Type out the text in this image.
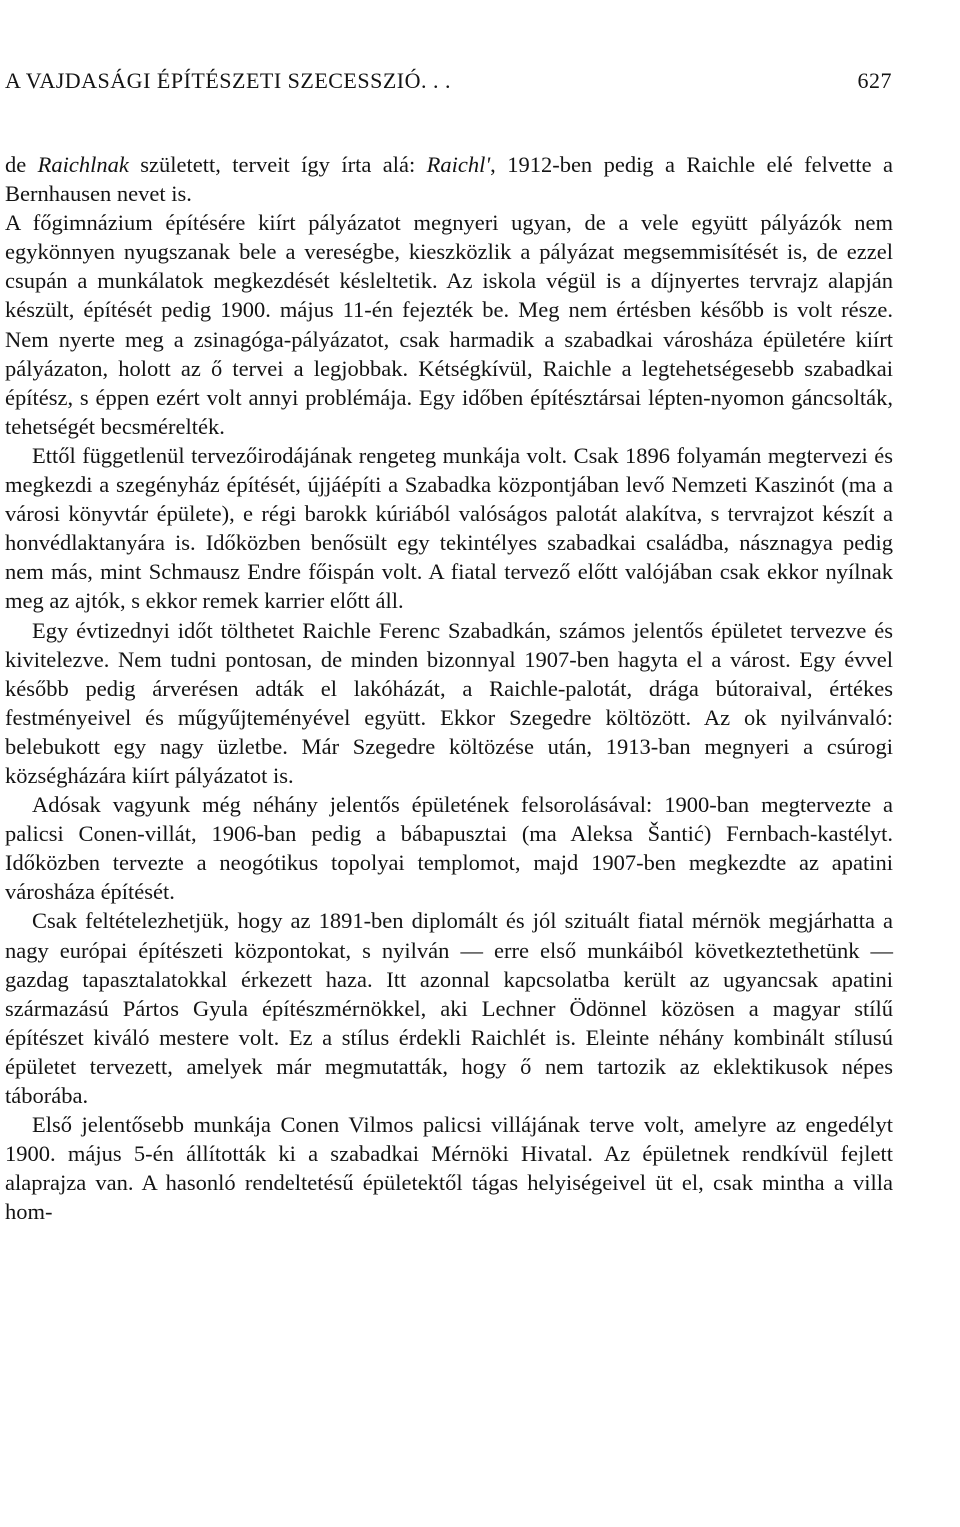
A VAJDASÁGI ÉPÍTÉSZETI SZECESSZIÓ. . .	627

de Raichlnak született, terveit így írta alá: Raichl', 1912-ben pedig a Raichle elé felvette a Bernhausen nevet is.

A főgimnázium építésére kiírt pályázatot megnyeri ugyan, de a vele együtt pályázók nem egykönnyen nyugszanak bele a vereségbe, kieszközlik a pályázat megsemmisítését is, de ezzel csupán a munkálatok megkezdését késleltetik. Az iskola végül is a díjnyertes tervrajz alapján készült, építését pedig 1900. május 11-én fejezték be. Meg nem értésben később is volt része. Nem nyerte meg a zsinagóga-pályázatot, csak harmadik a szabadkai városháza épületére kiírt pályázaton, holott az ő tervei a legjobbak. Kétségkívül, Raichle a legtehetségesebb szabadkai építész, s éppen ezért volt annyi problémája. Egy időben építésztársai lépten-nyomon gáncsolták, tehetségét becsmérelték.

Ettől függetlenül tervezőirodájának rengeteg munkája volt. Csak 1896 folyamán megtervezi és megkezdi a szegényház építését, újjáépíti a Szabadka központjában levő Nemzeti Kaszinót (ma a városi könyvtár épülete), e régi barokk kúriából valóságos palotát alakítva, s tervrajzot készít a honvédlaktanyára is. Időközben benősült egy tekintélyes szabadkai családba, násznagya pedig nem más, mint Schmausz Endre főispán volt. A fiatal tervező előtt valójában csak ekkor nyílnak meg az ajtók, s ekkor remek karrier előtt áll.

Egy évtizednyi időt tölthetet Raichle Ferenc Szabadkán, számos jelentős épületet tervezve és kivitelezve. Nem tudni pontosan, de minden bizonnyal 1907-ben hagyta el a várost. Egy évvel később pedig árverésen adták el lakóházát, a Raichle-palotát, drága bútoraival, értékes festményeivel és műgyűjteményével együtt. Ekkor Szegedre költözött. Az ok nyilvánvaló: belebukott egy nagy üzletbe. Már Szegedre költözése után, 1913-ban megnyeri a csúrogi községházára kiírt pályázatot is.

Adósak vagyunk még néhány jelentős épületének felsorolásával: 1900-ban megtervezte a palicsi Conen-villát, 1906-ban pedig a bábapusztai (ma Aleksa Šantić) Fernbach-kastélyt. Időközben tervezte a neogótikus topolyai templomot, majd 1907-ben megkezdte az apatini városháza építését.

Csak feltételezhetjük, hogy az 1891-ben diplomált és jól szituált fiatal mérnök megjárhatta a nagy európai építészeti központokat, s nyilván — erre első munkáiból következtethetünk — gazdag tapasztalatokkal érkezett haza. Itt azonnal kapcsolatba került az ugyancsak apatini származású Pártos Gyula építészmérnökkel, aki Lechner Ödönnel közösen a magyar stílű építészet kiváló mestere volt. Ez a stílus érdekli Raichlét is. Eleinte néhány kombinált stílusú épületet tervezett, amelyek már megmutatták, hogy ő nem tartozik az eklektikusok népes táborába.

Első jelentősebb munkája Conen Vilmos palicsi villájának terve volt, amelyre az engedélyt 1900. május 5-én állították ki a szabadkai Mérnöki Hivatal. Az épületnek rendkívül fejlett alaprajza van. A hasonló rendeltetésű épületektől tágas helyiségeivel üt el, csak mintha a villa hom-
